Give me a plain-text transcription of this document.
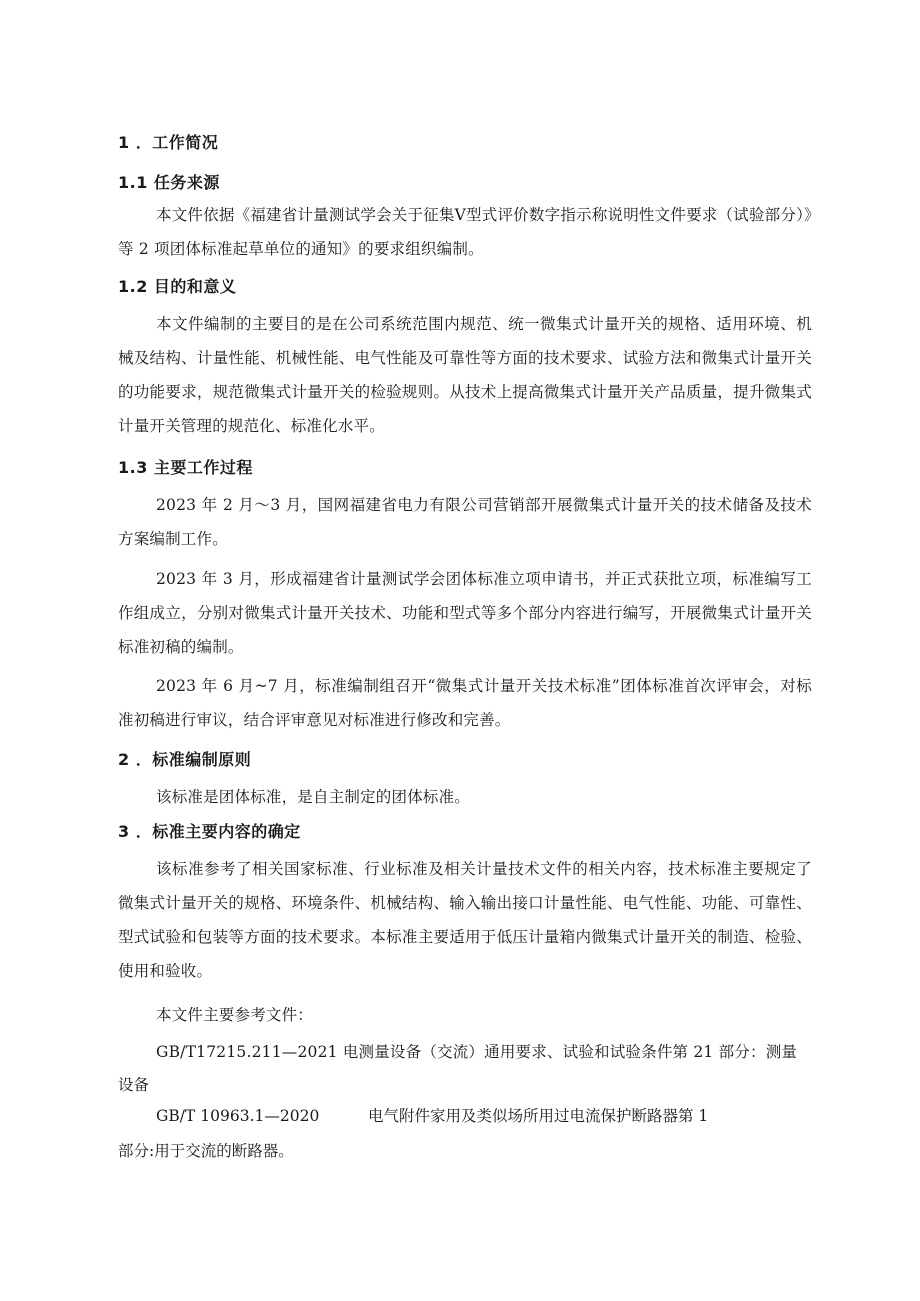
1 ．工作简况
1.1 任务来源

本文件依据《福建省计量测试学会关于征集Ⅴ型式评价数字指示称说明性文件要求（试验部分）》等 2 项团体标准起草单位的通知》的要求组织编制。

1.2 目的和意义

本文件编制的主要目的是在公司系统范围内规范、统一微集式计量开关的规格、适用环境、机械及结构、计量性能、机械性能、电气性能及可靠性等方面的技术要求、试验方法和微集式计量开关的功能要求，规范微集式计量开关的检验规则。从技术上提高微集式计量开关产品质量，提升微集式计量开关管理的规范化、标准化水平。

1.3 主要工作过程

2023 年 2 月～3 月，国网福建省电力有限公司营销部开展微集式计量开关的技术储备及技术方案编制工作。

2023 年 3 月，形成福建省计量测试学会团体标准立项申请书，并正式获批立项，标准编写工作组成立，分别对微集式计量开关技术、功能和型式等多个部分内容进行编写，开展微集式计量开关标准初稿的编制。

2023 年 6 月~7 月，标准编制组召开“微集式计量开关技术标准”团体标准首次评审会，对标准初稿进行审议，结合评审意见对标准进行修改和完善。

2 ．标准编制原则

该标准是团体标准，是自主制定的团体标准。

3 ．标准主要内容的确定

该标准参考了相关国家标准、行业标准及相关计量技术文件的相关内容，技术标准主要规定了微集式计量开关的规格、环境条件、机械结构、输入输出接口计量性能、电气性能、功能、可靠性、型式试验和包装等方面的技术要求。本标准主要适用于低压计量箱内微集式计量开关的制造、检验、使用和验收。

本文件主要参考文件：

GB/T17215.211—2021 电测量设备（交流）通用要求、试验和试验条件第 21 部分：测量

设备
GB/T 10963.1—2020	电气附件家用及类似场所用过电流保护断路器第 1
部分:用于交流的断路器。
